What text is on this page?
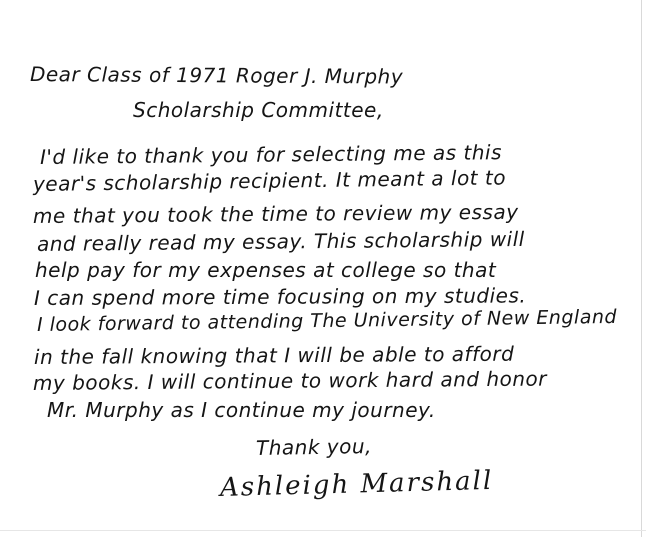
Dear Class of 1971 Roger J. Murphy
Scholarship Committee,
I'd like to thank you for selecting me as this
year's scholarship recipient. It meant a lot to
me that you took the time to review my essay
and really read my essay. This scholarship will
help pay for my expenses at college so that
I can spend more time focusing on my studies.
I look forward to attending The University of New England
in the fall knowing that I will be able to afford
my books. I will continue to work hard and honor
Mr. Murphy as I continue my journey.
Thank you,
Ashleigh Marshall
